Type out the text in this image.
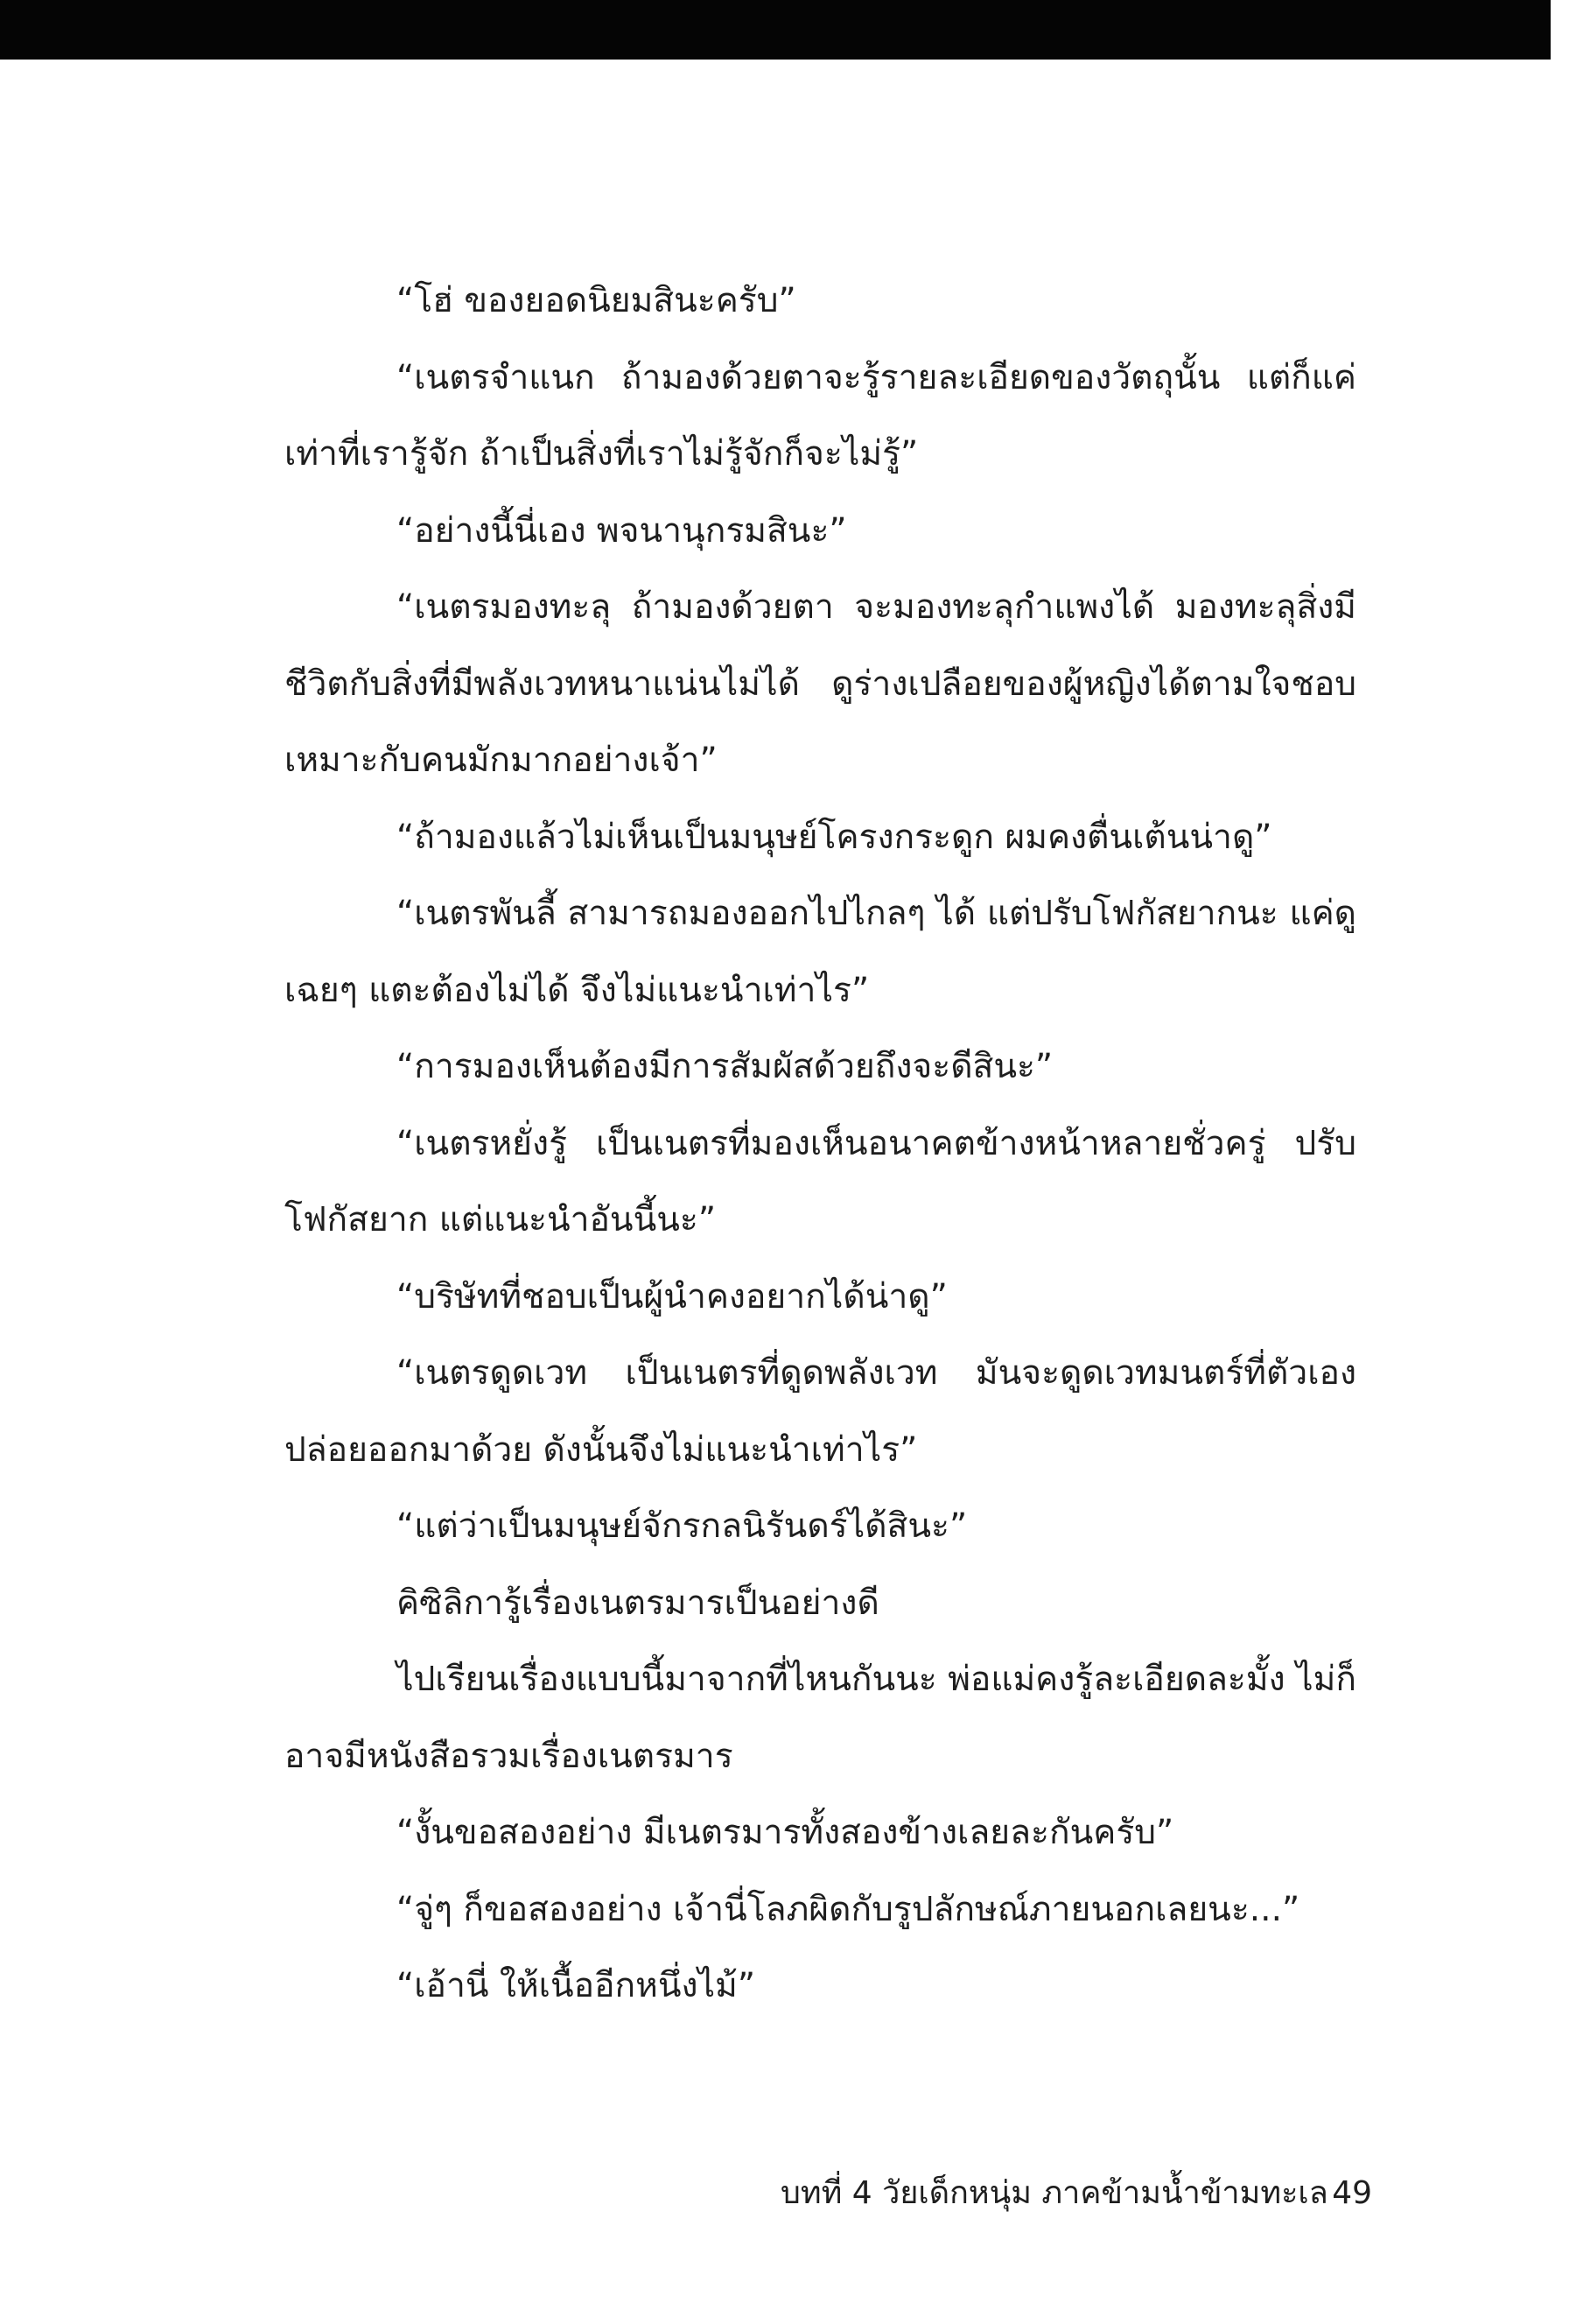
“โฮ่ ของยอดนิยมสินะครับ”

“เนตรจำแนก ถ้ามองด้วยตาจะรู้รายละเอียดของวัตถุนั้น แต่ก็แค่เท่าที่เรารู้จัก ถ้าเป็นสิ่งที่เราไม่รู้จักก็จะไม่รู้”

“อย่างนี้นี่เอง พจนานุกรมสินะ”

“เนตรมองทะลุ ถ้ามองด้วยตา จะมองทะลุกำแพงได้ มองทะลุสิ่งมีชีวิตกับสิ่งที่มีพลังเวทหนาแน่นไม่ได้ ดูร่างเปลือยของผู้หญิงได้ตามใจชอบ เหมาะกับคนมักมากอย่างเจ้า”

“ถ้ามองแล้วไม่เห็นเป็นมนุษย์โครงกระดูก ผมคงตื่นเต้นน่าดู”

“เนตรพันลี้ สามารถมองออกไปไกลๆ ได้ แต่ปรับโฟกัสยากนะ แค่ดูเฉยๆ แตะต้องไม่ได้ จึงไม่แนะนำเท่าไร”

“การมองเห็นต้องมีการสัมผัสด้วยถึงจะดีสินะ”

“เนตรหยั่งรู้ เป็นเนตรที่มองเห็นอนาคตข้างหน้าหลายชั่วครู่ ปรับโฟกัสยาก แต่แนะนำอันนี้นะ”

“บริษัทที่ชอบเป็นผู้นำคงอยากได้น่าดู”

“เนตรดูดเวท เป็นเนตรที่ดูดพลังเวท มันจะดูดเวทมนตร์ที่ตัวเองปล่อยออกมาด้วย ดังนั้นจึงไม่แนะนำเท่าไร”

“แต่ว่าเป็นมนุษย์จักรกลนิรันดร์ได้สินะ”

คิซิลิการู้เรื่องเนตรมารเป็นอย่างดี

ไปเรียนเรื่องแบบนี้มาจากที่ไหนกันนะ พ่อแม่คงรู้ละเอียดละมั้ง ไม่ก็อาจมีหนังสือรวมเรื่องเนตรมาร

“งั้นขอสองอย่าง มีเนตรมารทั้งสองข้างเลยละกันครับ”

“จู่ๆ ก็ขอสองอย่าง เจ้านี่โลภผิดกับรูปลักษณ์ภายนอกเลยนะ...”

“เอ้านี่ ให้เนื้ออีกหนึ่งไม้”

บทที่ 4 วัยเด็กหนุ่ม ภาคข้ามน้ำข้ามทะเล 49
